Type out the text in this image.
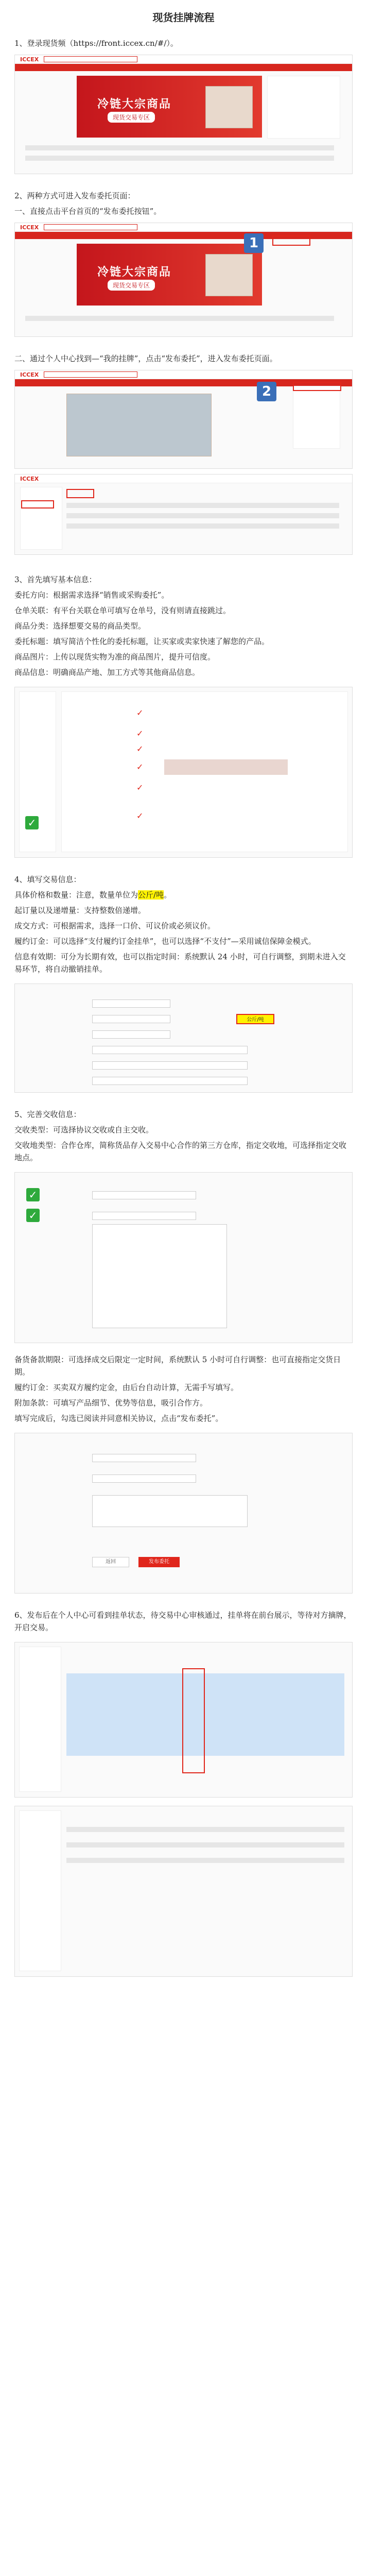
现货挂牌流程
1、登录现货频（https://front.iccex.cn/#/）。
ICCEX
冷链大宗商品
现货交易专区
2、两种方式可进入发布委托页面：
一、直接点击平台首页的“发布委托按钮”。
ICCEX
冷链大宗商品
现货交易专区
1
二、通过个人中心找到—“我的挂牌”，点击“发布委托”，进入发布委托页面。
ICCEX
2
ICCEX
3、首先填写基本信息：
委托方向：根据需求选择“销售或采购委托”。
仓单关联：有平台关联仓单可填写仓单号，没有则请直接跳过。
商品分类：选择想要交易的商品类型。
委托标题：填写简洁个性化的委托标题，让买家或卖家快速了解您的产品。
商品图片：上传以现货实物为准的商品图片，提升可信度。
商品信息：明确商品产地、加工方式等其他商品信息。
✓
✓
✓
✓
✓
✓
✓
4、填写交易信息：
具体价格和数量：注意，数量单位为公斤/吨。
起订量以及递增量：支持整数倍递增。
成交方式：可根据需求，选择一口价、可议价或必须议价。
履约订金：可以选择“支付履约订金挂单”，也可以选择“不支付”—采用诚信保障金模式。
信息有效期：可分为长期有效，也可以指定时间：系统默认 24 小时，可自行调整，到期未进入交易环节，将自动撤销挂单。
公斤/吨
5、完善交收信息：
交收类型：可选择协议交收或自主交收。
交收地类型：合作仓库，简称货品存入交易中心合作的第三方仓库，指定交收地，可选择指定交收地点。
✓
✓
备货备款期限：可选择成交后限定一定时间，系统默认 5 小时可自行调整：也可直接指定交货日期。
履约订金：买卖双方履约定金，由后台自动计算，无需手写填写。
附加条款：可填写产品细节、优势等信息，吸引合作方。
填写完成后，勾选已阅读并同意相关协议，点击“发布委托”。
返回	发布委托
6、发布后在个人中心可看到挂单状态，待交易中心审核通过，挂单将在前台展示，等待对方摘牌，开启交易。
